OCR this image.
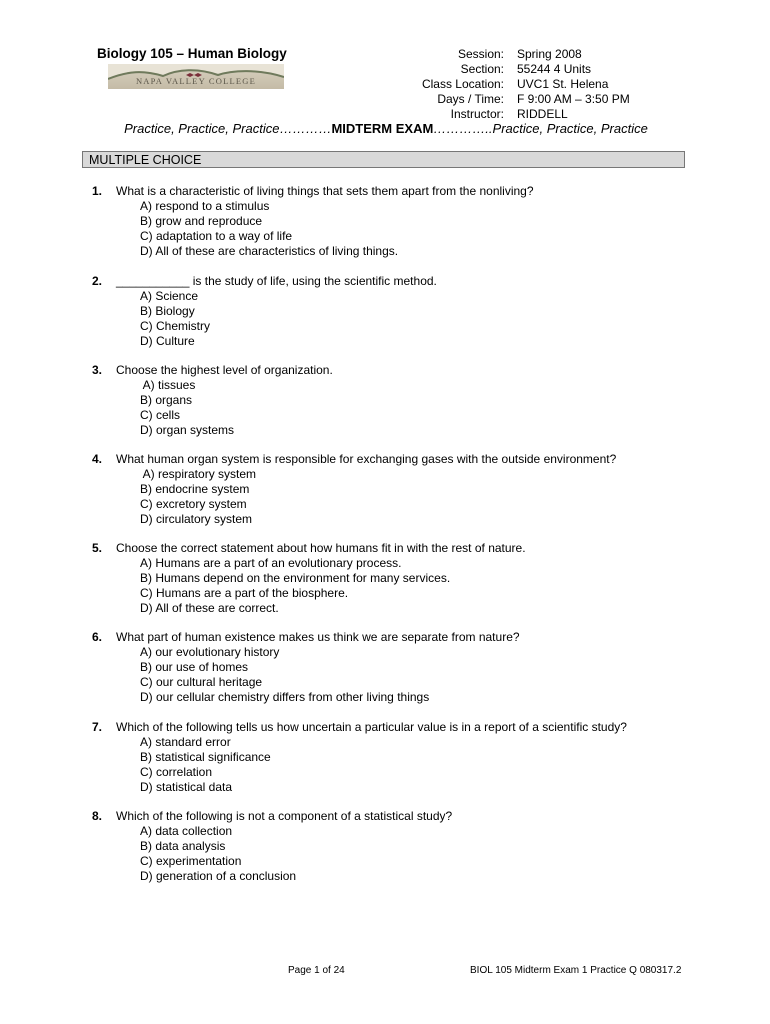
Biology 105 – Human Biology
NAPA VALLEY COLLEGE
Session:
Section:
Class Location:
Days / Time:
Instructor:
Spring 2008
55244 4 Units
UVC1 St. Helena
F 9:00 AM – 3:50 PM
RIDDELL
Practice, Practice, Practice…………MIDTERM EXAM…………..Practice, Practice, Practice
MULTIPLE CHOICE
1. What is a characteristic of living things that sets them apart from the nonliving?
A) respond to a stimulus
B) grow and reproduce
C) adaptation to a way of life
D) All of these are characteristics of living things.
2. ___________ is the study of life, using the scientific method.
A) Science
B) Biology
C) Chemistry
D) Culture
3. Choose the highest level of organization.
A) tissues
B) organs
C) cells
D) organ systems
4. What human organ system is responsible for exchanging gases with the outside environment?
A) respiratory system
B) endocrine system
C) excretory system
D) circulatory system
5. Choose the correct statement about how humans fit in with the rest of nature.
A) Humans are a part of an evolutionary process.
B) Humans depend on the environment for many services.
C) Humans are a part of the biosphere.
D) All of these are correct.
6. What part of human existence makes us think we are separate from nature?
A) our evolutionary history
B) our use of homes
C) our cultural heritage
D) our cellular chemistry differs from other living things
7. Which of the following tells us how uncertain a particular value is in a report of a scientific study?
A) standard error
B) statistical significance
C) correlation
D) statistical data
8. Which of the following is not a component of a statistical study?
A) data collection
B) data analysis
C) experimentation
D) generation of a conclusion
Page 1 of 24	BIOL 105 Midterm Exam 1 Practice Q 080317.2
